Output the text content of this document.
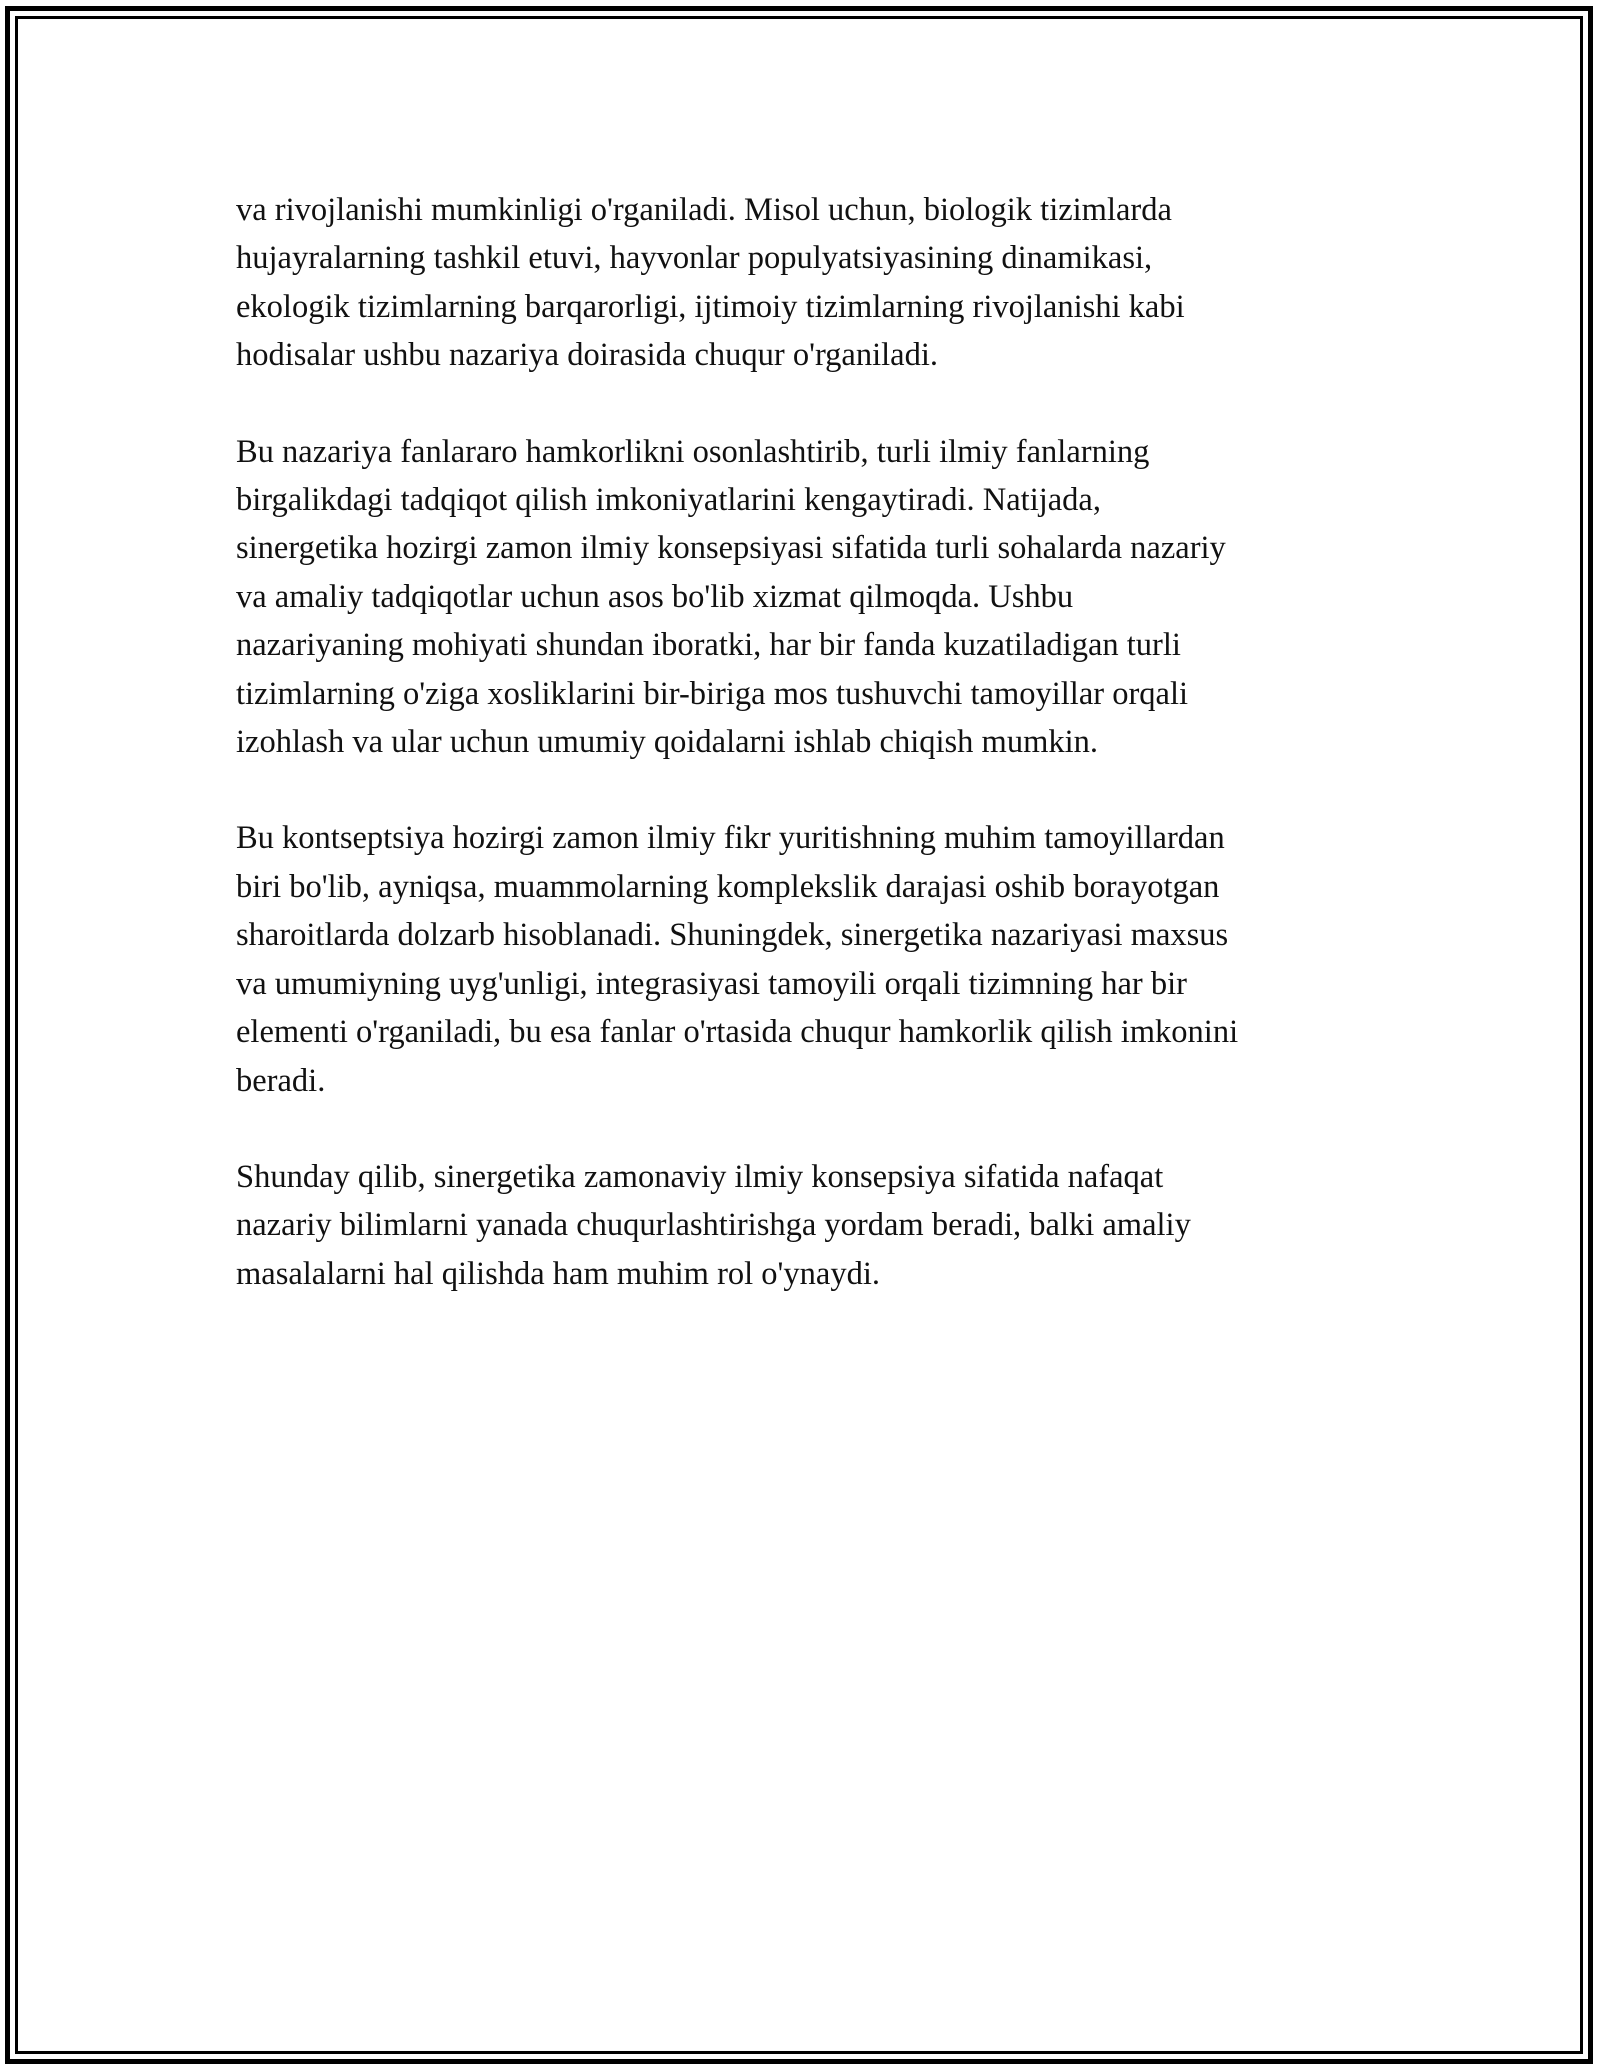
va rivojlanishi mumkinligi o'rganiladi. Misol uchun, biologik tizimlarda
hujayralarning tashkil etuvi, hayvonlar populyatsiyasining dinamikasi,
ekologik tizimlarning barqarorligi, ijtimoiy tizimlarning rivojlanishi kabi
hodisalar ushbu nazariya doirasida chuqur o'rganiladi.

Bu nazariya fanlararo hamkorlikni osonlashtirib, turli ilmiy fanlarning
birgalikdagi tadqiqot qilish imkoniyatlarini kengaytiradi. Natijada,
sinergetika hozirgi zamon ilmiy konsepsiyasi sifatida turli sohalarda nazariy
va amaliy tadqiqotlar uchun asos bo'lib xizmat qilmoqda. Ushbu
nazariyaning mohiyati shundan iboratki, har bir fanda kuzatiladigan turli
tizimlarning o'ziga xosliklarini bir-biriga mos tushuvchi tamoyillar orqali
izohlash va ular uchun umumiy qoidalarni ishlab chiqish mumkin.

Bu kontseptsiya hozirgi zamon ilmiy fikr yuritishning muhim tamoyillardan
biri bo'lib, ayniqsa, muammolarning komplekslik darajasi oshib borayotgan
sharoitlarda dolzarb hisoblanadi. Shuningdek, sinergetika nazariyasi maxsus
va umumiyning uyg'unligi, integrasiyasi tamoyili orqali tizimning har bir
elementi o'rganiladi, bu esa fanlar o'rtasida chuqur hamkorlik qilish imkonini
beradi.

Shunday qilib, sinergetika zamonaviy ilmiy konsepsiya sifatida nafaqat
nazariy bilimlarni yanada chuqurlashtirishga yordam beradi, balki amaliy
masalalarni hal qilishda ham muhim rol o'ynaydi.
